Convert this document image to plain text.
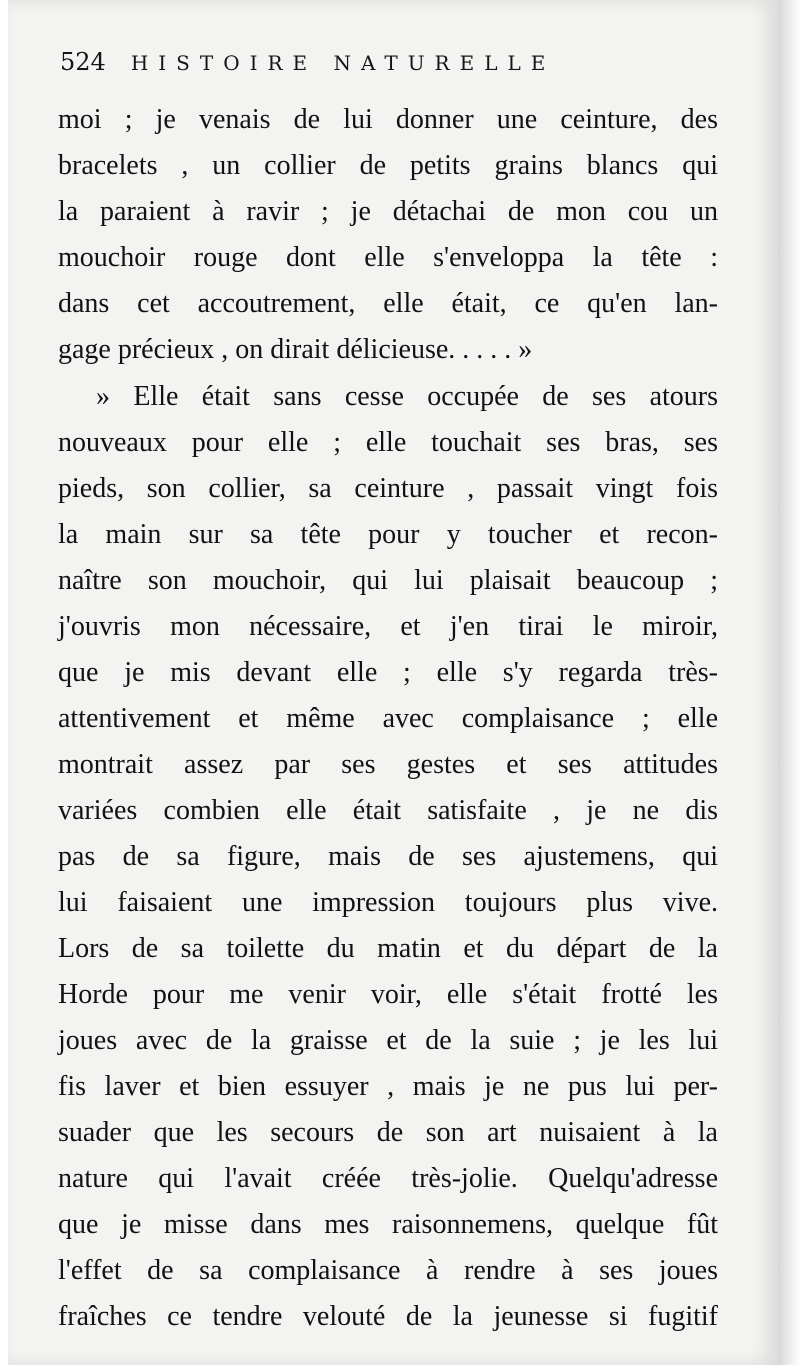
524 HISTOIRE NATURELLE
moi ; je venais de lui donner une ceinture, des
bracelets , un collier de petits grains blancs qui
la paraient à ravir ; je détachai de mon cou un
mouchoir rouge dont elle s'enveloppa la tête :
dans cet accoutrement, elle était, ce qu'en lan-
gage précieux , on dirait délicieuse. . . . . »
» Elle était sans cesse occupée de ses atours
nouveaux pour elle ; elle touchait ses bras, ses
pieds, son collier, sa ceinture , passait vingt fois
la main sur sa tête pour y toucher et recon-
naître son mouchoir, qui lui plaisait beaucoup ;
j'ouvris mon nécessaire, et j'en tirai le miroir,
que je mis devant elle ; elle s'y regarda très-
attentivement et même avec complaisance ; elle
montrait assez par ses gestes et ses attitudes
variées combien elle était satisfaite , je ne dis
pas de sa figure, mais de ses ajustemens, qui
lui faisaient une impression toujours plus vive.
Lors de sa toilette du matin et du départ de la
Horde pour me venir voir, elle s'était frotté les
joues avec de la graisse et de la suie ; je les lui
fis laver et bien essuyer , mais je ne pus lui per-
suader que les secours de son art nuisaient à la
nature qui l'avait créée très-jolie. Quelqu'adresse
que je misse dans mes raisonnemens, quelque fût
l'effet de sa complaisance à rendre à ses joues
fraîches ce tendre velouté de la jeunesse si fugitif
